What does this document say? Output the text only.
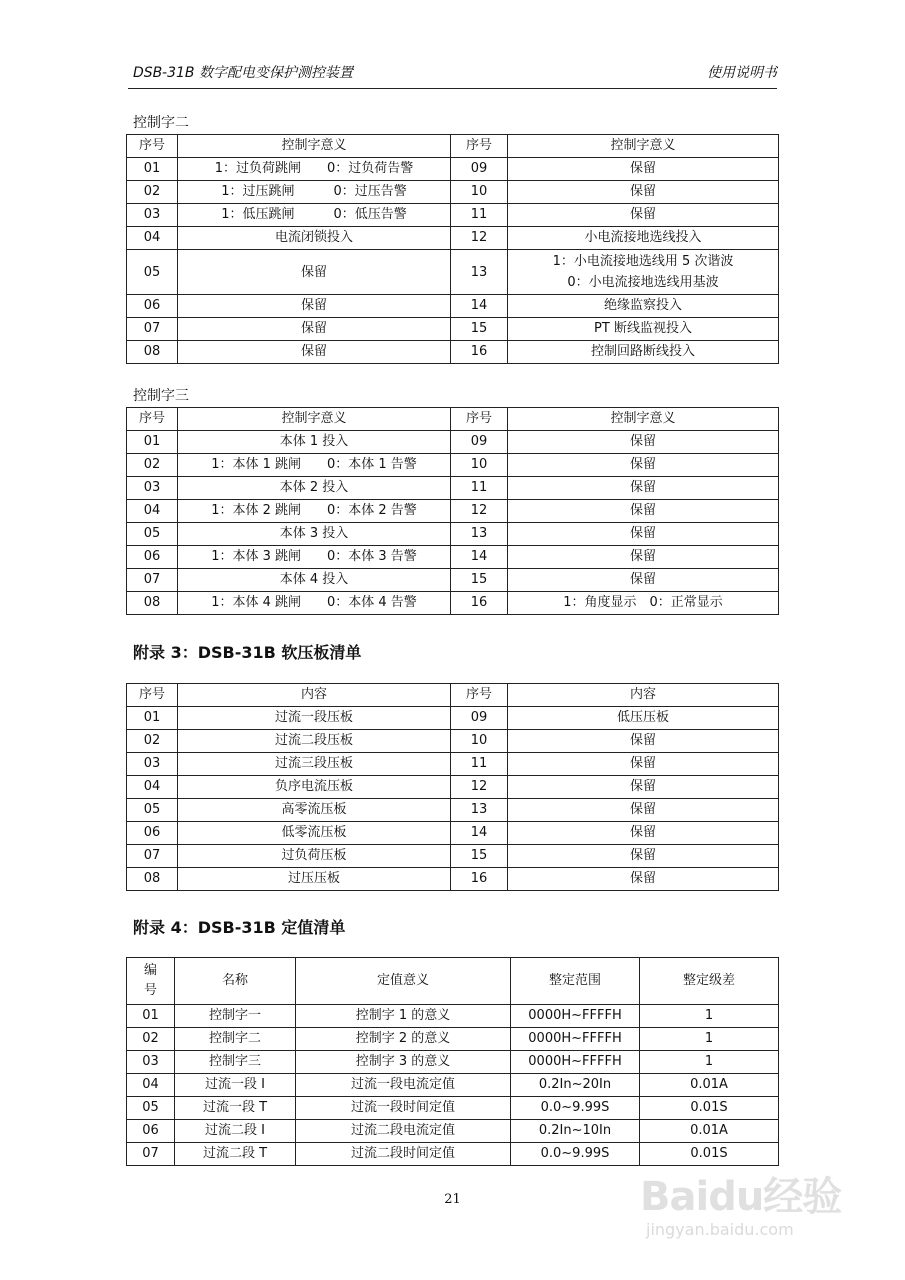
DSB-31B 数字配电变保护测控装置	使用说明书
控制字二
序号	控制字意义	序号	控制字意义
01	1：过负荷跳闸　　0：过负荷告警	09	保留
02	1：过压跳闸　　　0：过压告警	10	保留
03	1：低压跳闸　　　0：低压告警	11	保留
04	电流闭锁投入	12	小电流接地选线投入
05	保留	13	1：小电流接地选线用 5 次谐波
0：小电流接地选线用基波

06	保留	14	绝缘监察投入
07	保留	15	PT 断线监视投入
08	保留	16	控制回路断线投入
控制字三
序号	控制字意义	序号	控制字意义
01	本体 1 投入	09	保留
02	1：本体 1 跳闸　　0：本体 1 告警	10	保留
03	本体 2 投入	11	保留
04	1：本体 2 跳闸　　0：本体 2 告警	12	保留
05	本体 3 投入	13	保留
06	1：本体 3 跳闸　　0：本体 3 告警	14	保留
07	本体 4 投入	15	保留
08	1：本体 4 跳闸　　0：本体 4 告警	16	1：角度显示　0：正常显示
附录 3：DSB-31B 软压板清单
序号	内容	序号	内容
01	过流一段压板	09	低压压板
02	过流二段压板	10	保留
03	过流三段压板	11	保留
04	负序电流压板	12	保留
05	高零流压板	13	保留
06	低零流压板	14	保留
07	过负荷压板	15	保留
08	过压压板	16	保留
附录 4：DSB-31B 定值清单
编号	名称	定值意义	整定范围	整定级差
01	控制字一	控制字 1 的意义	0000H~FFFFH	1
02	控制字二	控制字 2 的意义	0000H~FFFFH	1
03	控制字三	控制字 3 的意义	0000H~FFFFH	1
04	过流一段 I	过流一段电流定值	0.2In~20In	0.01A
05	过流一段 T	过流一段时间定值	0.0~9.99S	0.01S
06	过流二段 I	过流二段电流定值	0.2In~10In	0.01A
07	过流二段 T	过流二段时间定值	0.0~9.99S	0.01S
21	Baidu经验
jingyan.baidu.com
